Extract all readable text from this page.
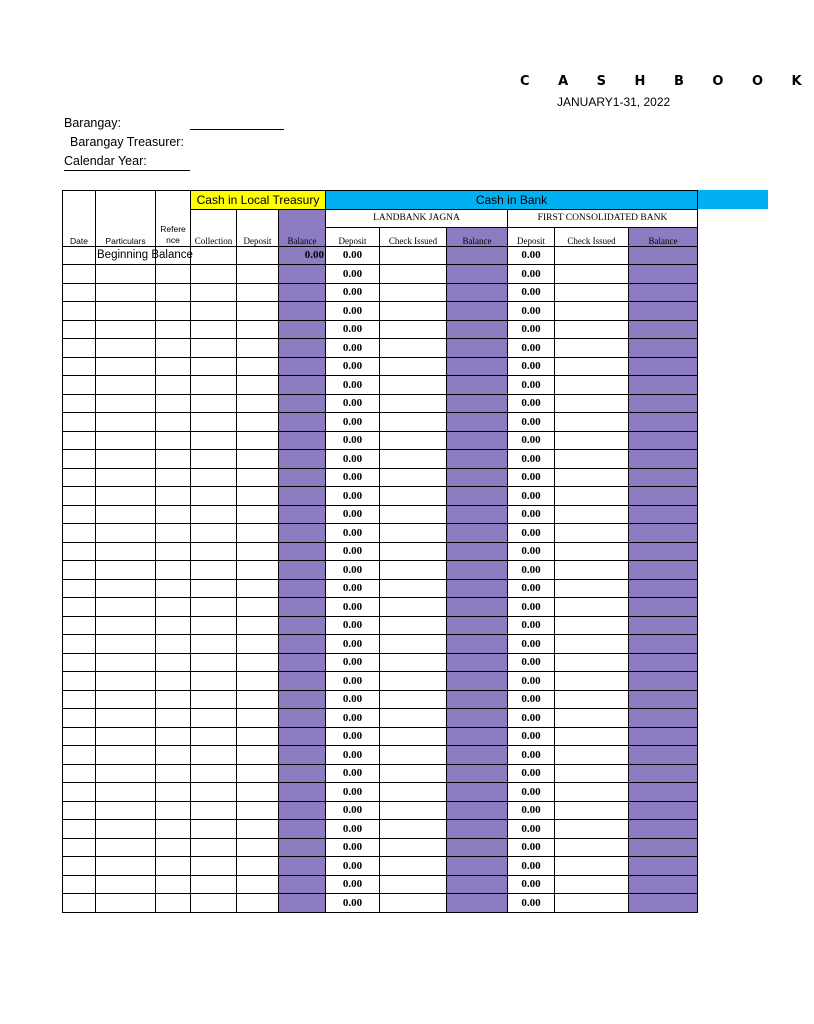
C A S H B O O K
JANUARY1-31, 2022
Barangay:
Barangay Treasurer:
Calendar Year:
Date	Particulars	Refere nce	Cash in Local Treasury			Cash in Bank					
			Collection	Deposit	Balance	LANDBANK JAGNA			FIRST CONSOLIDATED BANK		
						Deposit	Check Issued	Balance	Deposit	Check Issued	Balance

	Beginning Balance				0.00	0.00			0.00		
						0.00			0.00		
						0.00			0.00		
						0.00			0.00		
						0.00			0.00		
						0.00			0.00		
						0.00			0.00		
						0.00			0.00		
						0.00			0.00		
						0.00			0.00		
						0.00			0.00		
						0.00			0.00		
						0.00			0.00		
						0.00			0.00		
						0.00			0.00		
						0.00			0.00		
						0.00			0.00		
						0.00			0.00		
						0.00			0.00		
						0.00			0.00		
						0.00			0.00		
						0.00			0.00		
						0.00			0.00		
						0.00			0.00		
						0.00			0.00		
						0.00			0.00		
						0.00			0.00		
						0.00			0.00		
						0.00			0.00		
						0.00			0.00		
						0.00			0.00		
						0.00			0.00		
						0.00			0.00		
						0.00			0.00		
						0.00			0.00		
						0.00			0.00		
